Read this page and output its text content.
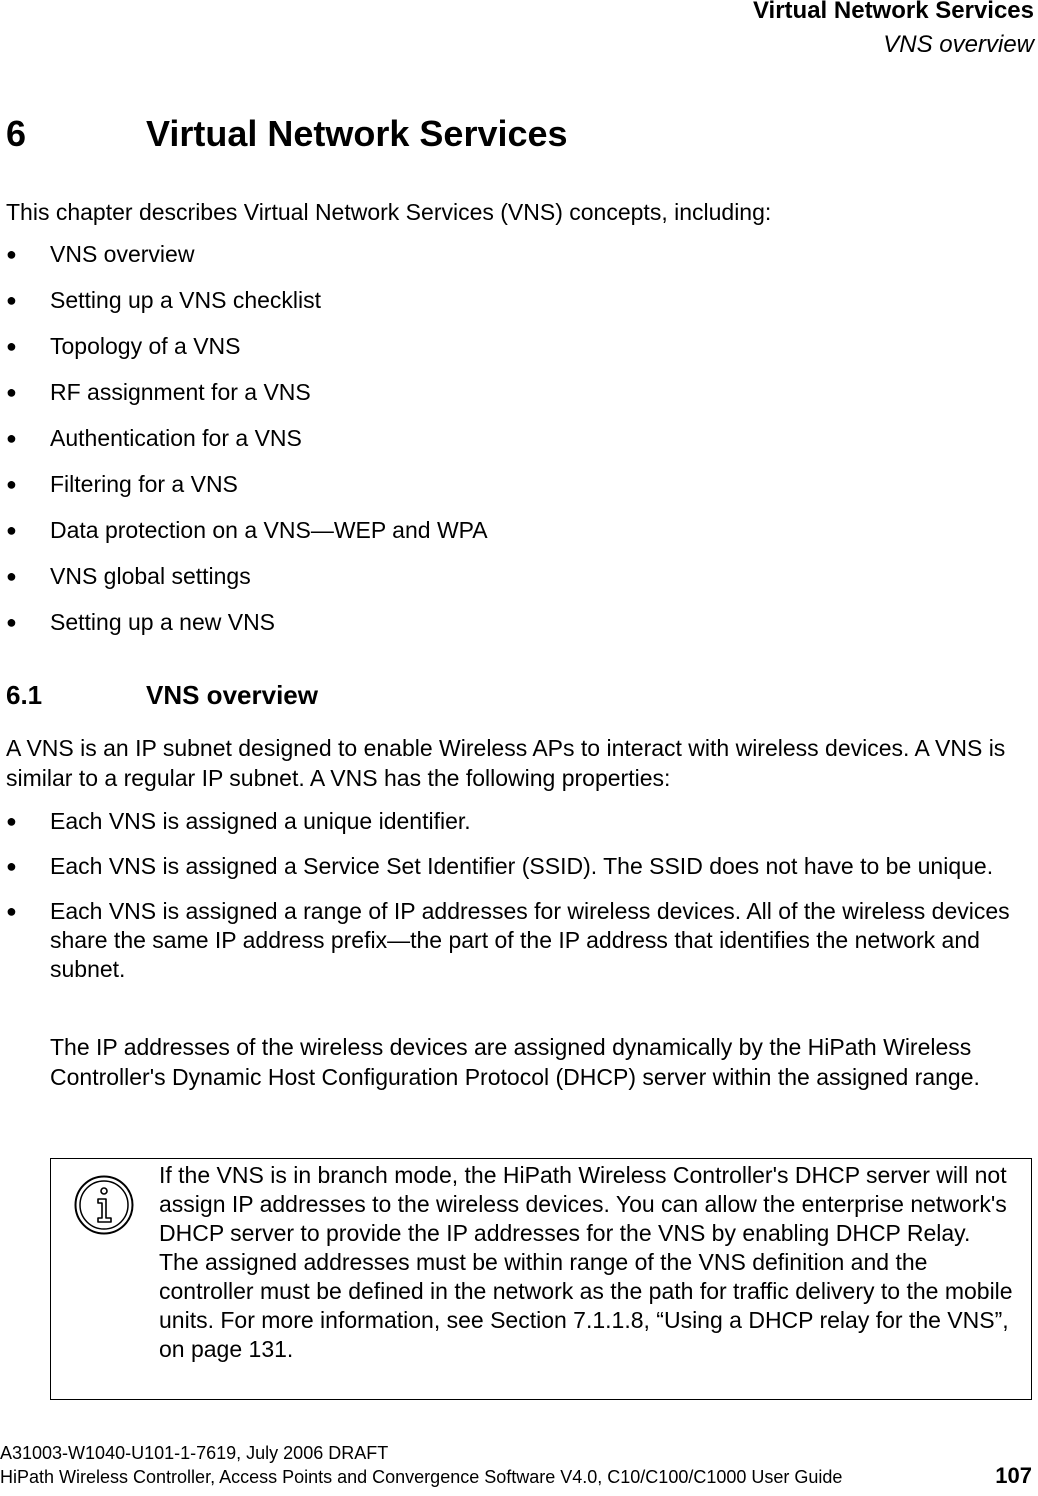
Virtual Network Services
VNS overview
6	Virtual Network Services
This chapter describes Virtual Network Services (VNS) concepts, including:
● VNS overview
● Setting up a VNS checklist
● Topology of a VNS
● RF assignment for a VNS
● Authentication for a VNS
● Filtering for a VNS
● Data protection on a VNS—WEP and WPA
● VNS global settings
● Setting up a new VNS
6.1	VNS overview
A VNS is an IP subnet designed to enable Wireless APs to interact with wireless devices. A VNS is similar to a regular IP subnet. A VNS has the following properties:
● Each VNS is assigned a unique identifier.
● Each VNS is assigned a Service Set Identifier (SSID). The SSID does not have to be unique.
● Each VNS is assigned a range of IP addresses for wireless devices. All of the wireless devices share the same IP address prefix—the part of the IP address that identifies the network and subnet.
The IP addresses of the wireless devices are assigned dynamically by the HiPath Wireless Controller's Dynamic Host Configuration Protocol (DHCP) server within the assigned range.
If the VNS is in branch mode, the HiPath Wireless Controller's DHCP server will not assign IP addresses to the wireless devices. You can allow the enterprise network's DHCP server to provide the IP addresses for the VNS by enabling DHCP Relay.
The assigned addresses must be within range of the VNS definition and the controller must be defined in the network as the path for traffic delivery to the mobile units. For more information, see Section 7.1.1.8, “Using a DHCP relay for the VNS”, on page 131.
A31003-W1040-U101-1-7619, July 2006 DRAFT
HiPath Wireless Controller, Access Points and Convergence Software V4.0, C10/C100/C1000 User Guide	107
